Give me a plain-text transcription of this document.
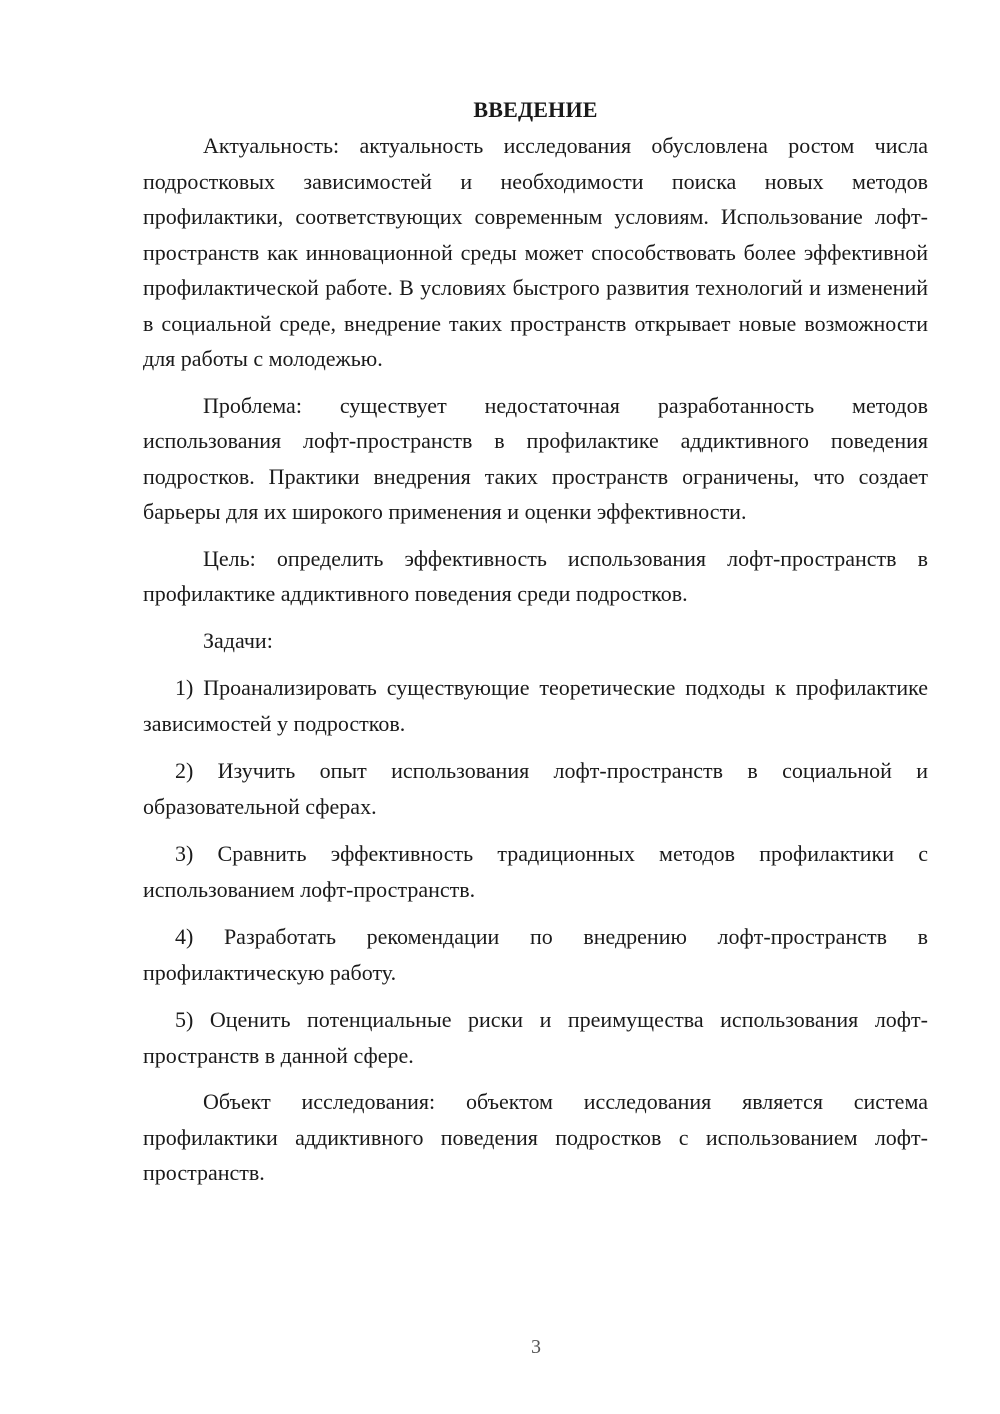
ВВЕДЕНИЕ

Актуальность: актуальность исследования обусловлена ростом числа подростковых зависимостей и необходимости поиска новых методов профилактики, соответствующих современным условиям. Использование лофт-пространств как инновационной среды может способствовать более эффективной профилактической работе. В условиях быстрого развития технологий и изменений в социальной среде, внедрение таких пространств открывает новые возможности для работы с молодежью.

Проблема: существует недостаточная разработанность методов использования лофт-пространств в профилактике аддиктивного поведения подростков. Практики внедрения таких пространств ограничены, что создает барьеры для их широкого применения и оценки эффективности.

Цель: определить эффективность использования лофт-пространств в профилактике аддиктивного поведения среди подростков.

Задачи:

1) Проанализировать существующие теоретические подходы к профилактике зависимостей у подростков.

2) Изучить опыт использования лофт-пространств в социальной и образовательной сферах.

3) Сравнить эффективность традиционных методов профилактики с использованием лофт-пространств.

4) Разработать рекомендации по внедрению лофт-пространств в профилактическую работу.

5) Оценить потенциальные риски и преимущества использования лофт-пространств в данной сфере.

Объект исследования: объектом исследования является система профилактики аддиктивного поведения подростков с использованием лофт-пространств.

3
